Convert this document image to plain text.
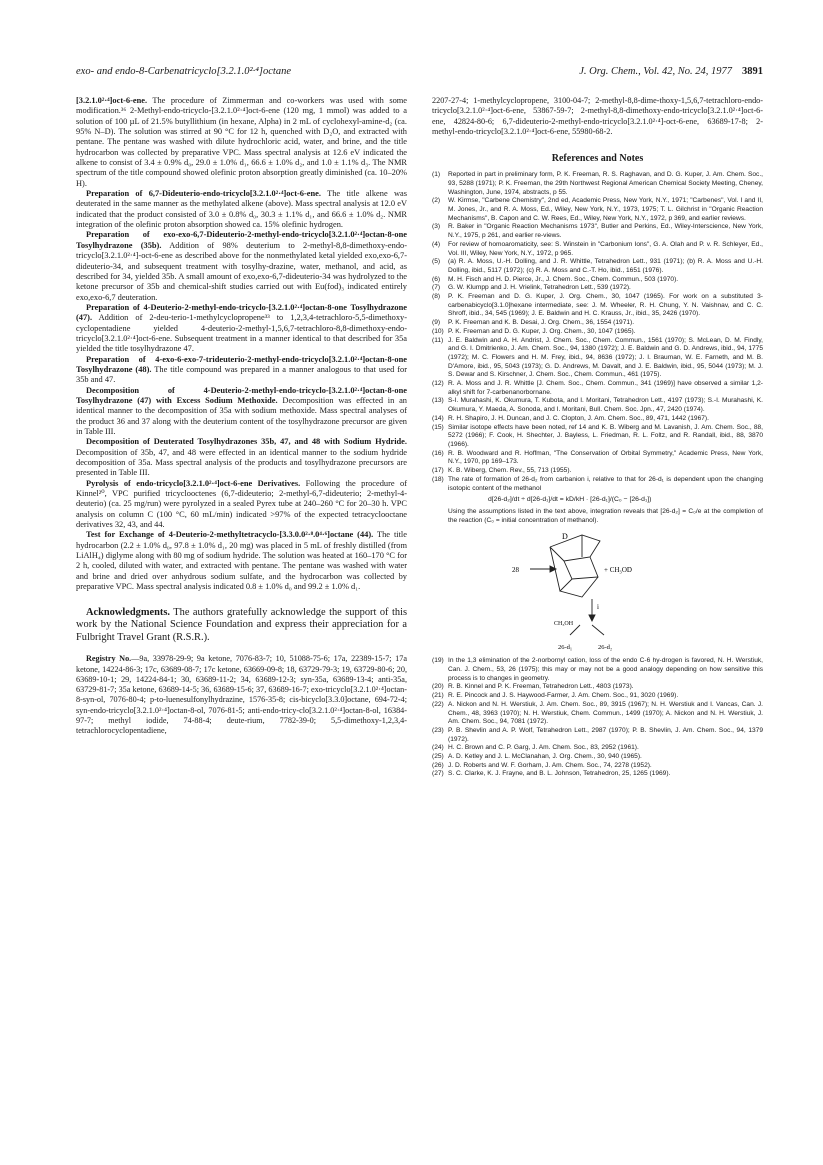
exo- and endo-8-Carbenatricyclo[3.2.1.0²·⁴]octane	J. Org. Chem., Vol. 42, No. 24, 1977 3891

[3.2.1.0²·⁴]oct-6-ene. The procedure of Zimmerman and co-workers was used with some modification.³⁶ 2-Methyl-endo-tricyclo-[3.2.1.0²·⁴]oct-6-ene (120 mg, 1 mmol) was added to a solution of 100 µL of 21.5% butyllithium (in hexane, Alpha) in 2 mL of cyclohexyl-amine-d₂ (ca. 95% N–D). The solution was stirred at 90 °C for 12 h, quenched with D₂O, and extracted with pentane. The pentane was washed with dilute hydrochloric acid, water, and brine, and the title hydrocarbon was collected by preparative VPC. Mass spectral analysis at 12.6 eV indicated the alkene to consist of 3.4 ± 0.9% d₀, 29.0 ± 1.0% d₁, 66.6 ± 1.0% d₂, and 1.0 ± 1.1% d₃. The NMR spectrum of the title compound showed olefinic proton absorption greatly diminished (ca. 10–20% H).

Preparation of 6,7-Dideuterio-endo-tricyclo[3.2.1.0²·⁴]oct-6-ene. The title alkene was deuterated in the same manner as the methylated alkene (above). Mass spectral analysis at 12.0 eV indicated that the product consisted of 3.0 ± 0.8% d₀, 30.3 ± 1.1% d₁, and 66.6 ± 1.0% d₂. NMR integration of the olefinic proton absorption showed ca. 15% olefinic hydrogen.

Preparation of exo-exo-6,7-Dideuterio-2-methyl-endo-tricyclo[3.2.1.0²·⁴]octan-8-one Tosylhydrazone (35b). Addition of 98% deuterium to 2-methyl-8,8-dimethoxy-endo-tricyclo[3.2.1.0²·⁴]-oct-6-ene as described above for the nonmethylated ketal yielded exo,exo-6,7-dideuterio-34, and subsequent treatment with tosylhy-drazine, water, methanol, and acid, as described for 34, yielded 35b. A small amount of exo,exo-6,7-dideuterio-34 was hydrolyzed to the ketone precursor of 35b and chemical-shift studies carried out with Eu(fod)₃ indicated entirely exo,exo-6,7 deuteration.

Preparation of 4-Deuterio-2-methyl-endo-tricyclo-[3.2.1.0²·⁴]octan-8-one Tosylhydrazone (47). Addition of 2-deu-terio-1-methylcyclopropene³³ to 1,2,3,4-tetrachloro-5,5-dimethoxy-cyclopentadiene yielded 4-deuterio-2-methyl-1,5,6,7-tetrachloro-8,8-dimethoxy-endo-tricyclo[3.2.1.0²·⁴]oct-6-ene. Subsequent treatment in a manner identical to that described for 35a yielded the title tosylhydrazone 47.

Preparation of 4-exo-6-exo-7-trideuterio-2-methyl-endo-tricyclo[3.2.1.0²·⁴]octan-8-one Tosylhydrazone (48). The title compound was prepared in a manner analogous to that used for 35b and 47.

Decomposition of 4-Deuterio-2-methyl-endo-tricyclo-[3.2.1.0²·⁴]octan-8-one Tosylhydrazone (47) with Excess Sodium Methoxide. Decomposition was effected in an identical manner to the decomposition of 35a with sodium methoxide. Mass spectral analyses of the product 36 and 37 along with the deuterium content of the tosylhydrazone precursor are given in Table III.

Decomposition of Deuterated Tosylhydrazones 35b, 47, and 48 with Sodium Hydride. Decomposition of 35b, 47, and 48 were effected in an identical manner to the sodium hydride decomposition of 35a. Mass spectral analysis of the products and tosylhydrazone precursors are presented in Table III.

Pyrolysis of endo-tricyclo[3.2.1.0²·⁴]oct-6-ene Derivatives. Following the procedure of Kinnel²⁰, VPC purified tricyclooctenes (6,7-dideuterio; 2-methyl-6,7-dideuterio; 2-methyl-4-deuterio) (ca. 25 mg/run) were pyrolyzed in a sealed Pyrex tube at 240–260 °C for 20–30 h. VPC analysis on column C (100 °C, 60 mL/min) indicated >97% of the expected tetracyclooctane derivatives 32, 43, and 44.

Test for Exchange of 4-Deuterio-2-methyltetracyclo-[3.3.0.0²·⁸.0⁴·⁶]octane (44). The title hydrocarbon (2.2 ± 1.0% d₀, 97.8 ± 1.0% d₁, 20 mg) was placed in 5 mL of freshly distilled (from LiAlH₄) diglyme along with 80 mg of sodium hydride. The solution was heated at 160–170 °C for 2 h, cooled, diluted with water, and extracted with pentane. The pentane was washed with water and brine and dried over anhydrous sodium sulfate, and the hydrocarbon was collected by preparative VPC. Mass spectral analysis indicated 0.8 ± 1.0% d₀ and 99.2 ± 1.0% d₁.

Acknowledgments. The authors gratefully acknowledge the support of this work by the National Science Foundation and express their appreciation for a Fulbright Travel Grant (R.S.R.).

Registry No.—9a, 33978-29-9; 9a ketone, 7076-83-7; 10, 51088-75-6; 17a, 22389-15-7; 17a ketone, 14224-86-3; 17c, 63689-08-7; 17c ketone, 63669-09-8; 18, 63729-79-3; 19, 63729-80-6; 20, 63689-10-1; 29, 14224-84-1; 30, 63689-11-2; 34, 63689-12-3; syn-35a, 63689-13-4; anti-35a, 63729-81-7; 35a ketone, 63689-14-5; 36, 63689-15-6; 37, 63689-16-7; exo-tricyclo[3.2.1.0²·⁴]octan-8-syn-ol, 7076-80-4; p-to-luenesulfonylhydrazine, 1576-35-8; cis-bicyclo[3.3.0]octane, 694-72-4; syn-endo-tricyclo[3.2.1.0²·⁴]octan-8-ol, 7076-81-5; anti-endo-tricy-clo[3.2.1.0²·⁴]octan-8-ol, 16384-97-7; methyl iodide, 74-88-4; deute-rium, 7782-39-0; 5,5-dimethoxy-1,2,3,4-tetrachlorocyclopentadiene,

2207-27-4; 1-methylcyclopropene, 3100-04-7; 2-methyl-8,8-dime-thoxy-1,5,6,7-tetrachloro-endo-tricyclo[3.2.1.0²·⁴]oct-6-ene, 53867-59-7; 2-methyl-8,8-dimethoxy-endo-tricyclo[3.2.1.0²·⁴]oct-6-ene, 42824-80-6; 6,7-dideuterio-2-methyl-endo-tricyclo[3.2.1.0²·⁴]-oct-6-ene, 63689-17-8; 2-methyl-endo-tricyclo[3.2.1.0²·⁴]oct-6-ene, 55980-68-2.

References and Notes
(1) Reported in part in preliminary form, P. K. Freeman, R. S. Raghavan, and D. G. Kuper, J. Am. Chem. Soc., 93, 5288 (1971); P. K. Freeman, the 29th Northwest Regional American Chemical Society Meeting, Cheney, Washington, June, 1974, abstracts, p 55.
(2) W. Kirmse, "Carbene Chemistry", 2nd ed, Academic Press, New York, N.Y., 1971; "Carbenes", Vol. I and II, M. Jones, Jr., and R. A. Moss, Ed., Wiley, New York, N.Y., 1973, 1975; T. L. Gilchrist in "Organic Reaction Mechanisms", B. Capon and C. W. Rees, Ed., Wiley, New York, N.Y., 1972, p 369, and earlier reviews.
(3) R. Baker in "Organic Reaction Mechanisms 1973", Butler and Perkins, Ed., Wiley-Interscience, New York, N.Y., 1975, p 261, and earlier re-views.
(4) For review of homoaromaticity, see: S. Winstein in "Carbonium Ions", G. A. Olah and P. v. R. Schleyer, Ed., Vol. III, Wiley, New York, N.Y., 1972, p 965.
(5) (a) R. A. Moss, U.-H. Dolling, and J. R. Whittle, Tetrahedron Lett., 931 (1971); (b) R. A. Moss and U.-H. Dolling, ibid., 5117 (1972); (c) R. A. Moss and C.-T. Ho, ibid., 1651 (1976).
(6) M. H. Fisch and H. D. Pierce, Jr., J. Chem. Soc., Chem. Commun., 503 (1970).
(7) G. W. Klumpp and J. H. Vrielink, Tetrahedron Lett., 539 (1972).
(8) P. K. Freeman and D. G. Kuper, J. Org. Chem., 30, 1047 (1965). For work on a substituted 3-carbenabicyclo[3.1.0]hexane intermediate, see: J. M. Wheeler, R. H. Chung, Y. N. Vaishnav, and C. C. Shroff, ibid., 34, 545 (1969); J. E. Baldwin and H. C. Krauss, Jr., ibid., 35, 2426 (1970).
(9) P. K. Freeman and K. B. Desai, J. Org. Chem., 36, 1554 (1971).
(10) P. K. Freeman and D. G. Kuper, J. Org. Chem., 30, 1047 (1965).
(11) J. E. Baldwin and A. H. Andrist, J. Chem. Soc., Chem. Commun., 1561 (1970); S. McLean, D. M. Findly, and G. I. Dmitrienko, J. Am. Chem. Soc., 94, 1380 (1972); J. E. Baldwin and G. D. Andrews, ibid., 94, 1775 (1972); M. C. Flowers and H. M. Frey, ibid., 94, 8636 (1972); J. I. Brauman, W. E. Farneth, and M. B. D'Amore, ibid., 95, 5043 (1973); G. D. Andrews, M. Davalt, and J. E. Baldwin, ibid., 95, 5044 (1973); M. J. S. Dewar and S. Kirschner, J. Chem. Soc., Chem. Commun., 461 (1975).
(12) R. A. Moss and J. R. Whittle [J. Chem. Soc., Chem. Commun., 341 (1969)] have observed a similar 1,2-alkyl shift for 7-carbenanorbornane.
(13) S-I. Murahashi, K. Okumura, T. Kubota, and I. Moritani, Tetrahedron Lett., 4197 (1973); S.-I. Murahashi, K. Okumura, Y. Maeda, A. Sonoda, and I. Moritani, Bull. Chem. Soc. Jpn., 47, 2420 (1974).
(14) R. H. Shapiro, J. H. Duncan, and J. C. Clopton, J. Am. Chem. Soc., 89, 471, 1442 (1967).
(15) Similar isotope effects have been noted, ref 14 and K. B. Wiberg and M. Lavanish, J. Am. Chem. Soc., 88, 5272 (1966); F. Cook, H. Shechter, J. Bayless, L. Friedman, R. L. Foltz, and R. Randall, ibid., 88, 3870 (1966).
(16) R. B. Woodward and R. Hoffman, "The Conservation of Orbital Symmetry," Academic Press, New York, N.Y., 1970, pp 169–173.
(17) K. B. Wiberg, Chem. Rev., 55, 713 (1955).
(18) The rate of formation of 26-d₂ from carbanion i, relative to that for 26-d₁ is dependent upon the changing isotopic content of the methanol
d[26-d₂]/dt ÷ d[26-d₁]/dt = kD/kH · [26-d₁]/(C₀ − [26-d₁])
Using the assumptions listed in the text above, integration reveals that [26-d₂] = C₀/e at the completion of the reaction (C₀ = initial concentration of methanol).
D
28	+ CH₃OD
i
CH₃OH
26-d₁	26-d₂
(19) In the 1,3 elimination of the 2-norbornyl cation, loss of the endo C-6 hy-drogen is favored, N. H. Werstiuk, Can. J. Chem., 53, 26 (1975); this may or may not be a good analogy depending on how sensitive this process is to changes in geometry.
(20) R. B. Kinnel and P. K. Freeman, Tetrahedron Lett., 4803 (1973).
(21) R. E. Pincock and J. S. Haywood-Farmer, J. Am. Chem. Soc., 91, 3020 (1969).
(22) A. Nickon and N. H. Werstiuk, J. Am. Chem. Soc., 89, 3915 (1967); N. H. Werstiuk and I. Vancas, Can. J. Chem., 48, 3963 (1970); N. H. Werstiuk, Chem. Commun., 1499 (1970); A. Nickon and N. H. Werstiuk, J. Am. Chem. Soc., 94, 7081 (1972).
(23) P. B. Shevlin and A. P. Wolf, Tetrahedron Lett., 2987 (1970); P. B. Shevlin, J. Am. Chem. Soc., 94, 1379 (1972).
(24) H. C. Brown and C. P. Garg, J. Am. Chem. Soc., 83, 2952 (1961).
(25) A. D. Ketley and J. L. McClanahan, J. Org. Chem., 30, 940 (1965).
(26) J. D. Roberts and W. F. Gorham, J. Am. Chem. Soc., 74, 2278 (1952).
(27) S. C. Clarke, K. J. Frayne, and B. L. Johnson, Tetrahedron, 25, 1265 (1969).
